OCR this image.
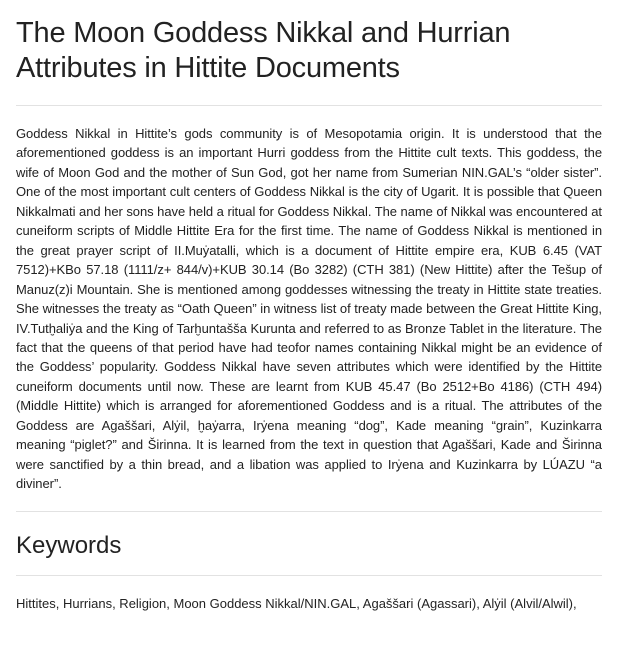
The Moon Goddess Nikkal and Hurrian Attributes in Hittite Documents

Goddess Nikkal in Hittite’s gods community is of Mesopotamia origin. It is understood that the aforementioned goddess is an important Hurri goddess from the Hittite cult texts. This goddess, the wife of Moon God and the mother of Sun God, got her name from Sumerian NIN.GAL’s “older sister”. One of the most important cult centers of Goddess Nikkal is the city of Ugarit. It is possible that Queen Nikkalmati and her sons have held a ritual for Goddess Nikkal. The name of Nikkal was encountered at cuneiform scripts of Middle Hittite Era for the first time. The name of Goddess Nikkal is mentioned in the great prayer script of II.Muẏatalli, which is a document of Hittite empire era, KUB 6.45 (VAT 7512)+KBo 57.18 (1111/z+ 844/v)+KUB 30.14 (Bo 3282) (CTH 381) (New Hittite) after the Tešup of Manuz(z)i Mountain. She is mentioned among goddesses witnessing the treaty in Hittite state treaties. She witnesses the treaty as “Oath Queen” in witness list of treaty made between the Great Hittite King, IV.Tutḫaliẏa and the King of Tarḫuntašša Kurunta and referred to as Bronze Tablet in the literature. The fact that the queens of that period have had teofor names containing Nikkal might be an evidence of the Goddess’ popularity. Goddess Nikkal have seven attributes which were identified by the Hittite cuneiform documents until now. These are learnt from KUB 45.47 (Bo 2512+Bo 4186) (CTH 494) (Middle Hittite) which is arranged for aforementioned Goddess and is a ritual. The attributes of the Goddess are Agaššari, Alẏil, ḫaẏarra, Irẏena meaning “dog”, Kade meaning “grain”, Kuzinkarra meaning “piglet?” and Širinna. It is learned from the text in question that Agaššari, Kade and Širinna were sanctified by a thin bread, and a libation was applied to Irẏena and Kuzinkarra by LÚAZU “a diviner”.

Keywords

Hittites, Hurrians, Religion, Moon Goddess Nikkal/NIN.GAL, Agaššari (Agassari), Alẏil (Alvil/Alwil),
